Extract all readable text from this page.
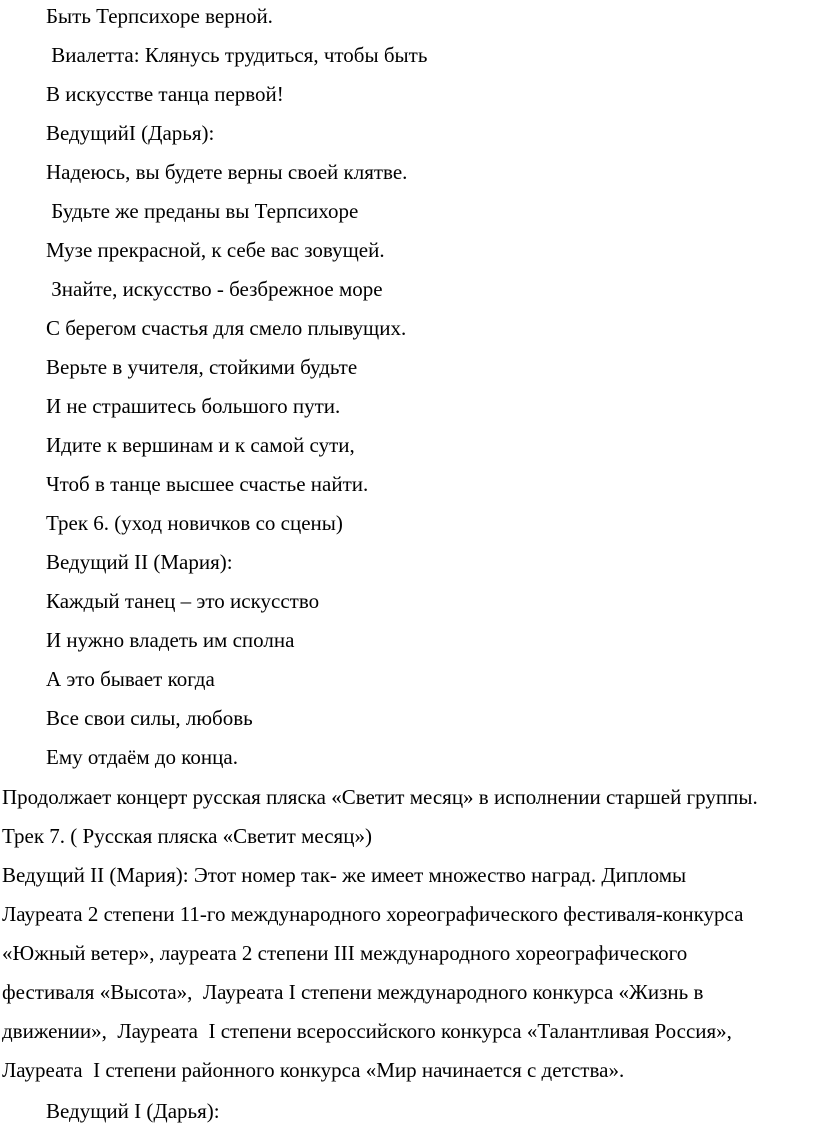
Быть Терпсихоре верной.
Виалетта: Клянусь трудиться, чтобы быть
В искусстве танца первой!
ВедущийI (Дарья):
Надеюсь, вы будете верны своей клятве.
Будьте же преданы вы Терпсихоре
Музе прекрасной, к себе вас зовущей.
Знайте, искусство - безбрежное море
С берегом счастья для смело плывущих.
Верьте в учителя, стойкими будьте
И не страшитесь большого пути.
Идите к вершинам и к самой сути,
Чтоб в танце высшее счастье найти.
Трек 6. (уход новичков со сцены)
Ведущий II (Мария):
Каждый танец – это искусство
И нужно владеть им сполна
А это бывает когда
Все свои силы, любовь
Ему отдаём до конца.
Продолжает концерт русская пляска «Светит месяц» в исполнении старшей группы.
Трек 7. ( Русская пляска «Светит месяц»)
Ведущий II (Мария): Этот номер так- же имеет множество наград. Дипломы
Лауреата 2 степени 11-го международного хореографического фестиваля-конкурса
«Южный ветер», лауреата 2 степени III международного хореографического
фестиваля «Высота»,  Лауреата I степени международного конкурса «Жизнь в
движении»,  Лауреата  I степени всероссийского конкурса «Талантливая Россия»,
Лауреата  I степени районного конкурса «Мир начинается с детства».
Ведущий I (Дарья):
